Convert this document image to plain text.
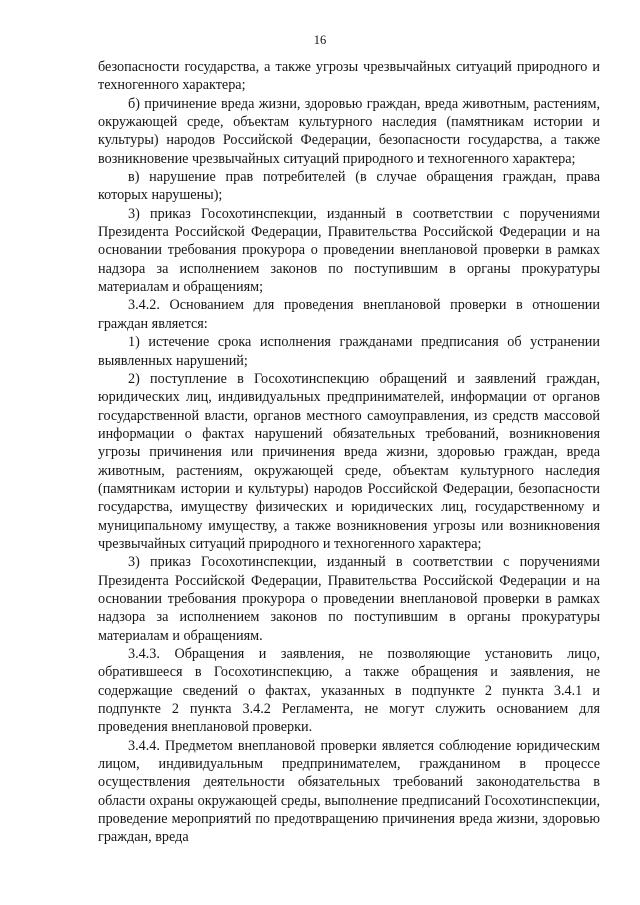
16

безопасности государства, а также угрозы чрезвычайных ситуаций природного и техногенного характера;

б) причинение вреда жизни, здоровью граждан, вреда животным, растениям, окружающей среде, объектам культурного наследия (памятникам истории и культуры) народов Российской Федерации, безопасности государства, а также возникновение чрезвычайных ситуаций природного и техногенного характера;

в) нарушение прав потребителей (в случае обращения граждан, права которых нарушены);

3) приказ Госохотинспекции, изданный в соответствии с поручениями Президента Российской Федерации, Правительства Российской Федерации и на основании требования прокурора о проведении внеплановой проверки в рамках надзора за исполнением законов по поступившим в органы прокуратуры материалам и обращениям;

3.4.2. Основанием для проведения внеплановой проверки в отношении граждан является:

1) истечение срока исполнения гражданами предписания об устранении выявленных нарушений;

2) поступление в Госохотинспекцию обращений и заявлений граждан, юридических лиц, индивидуальных предпринимателей, информации от органов государственной власти, органов местного самоуправления, из средств массовой информации о фактах нарушений обязательных требований, возникновения угрозы причинения или причинения вреда жизни, здоровью граждан, вреда животным, растениям, окружающей среде, объектам культурного наследия (памятникам истории и культуры) народов Российской Федерации, безопасности государства, имуществу физических и юридических лиц, государственному и муниципальному имуществу, а также возникновения угрозы или возникновения чрезвычайных ситуаций природного и техногенного характера;

3) приказ Госохотинспекции, изданный в соответствии с поручениями Президента Российской Федерации, Правительства Российской Федерации и на основании требования прокурора о проведении внеплановой проверки в рамках надзора за исполнением законов по поступившим в органы прокуратуры материалам и обращениям.

3.4.3. Обращения и заявления, не позволяющие установить лицо, обратившееся в Госохотинспекцию, а также обращения и заявления, не содержащие сведений о фактах, указанных в подпункте 2 пункта 3.4.1 и подпункте 2 пункта 3.4.2 Регламента, не могут служить основанием для проведения внеплановой проверки.

3.4.4. Предметом внеплановой проверки является соблюдение юридическим лицом, индивидуальным предпринимателем, гражданином в процессе осуществления деятельности обязательных требований законодательства в области охраны окружающей среды, выполнение предписаний Госохотинспекции, проведение мероприятий по предотвращению причинения вреда жизни, здоровью граждан, вреда
